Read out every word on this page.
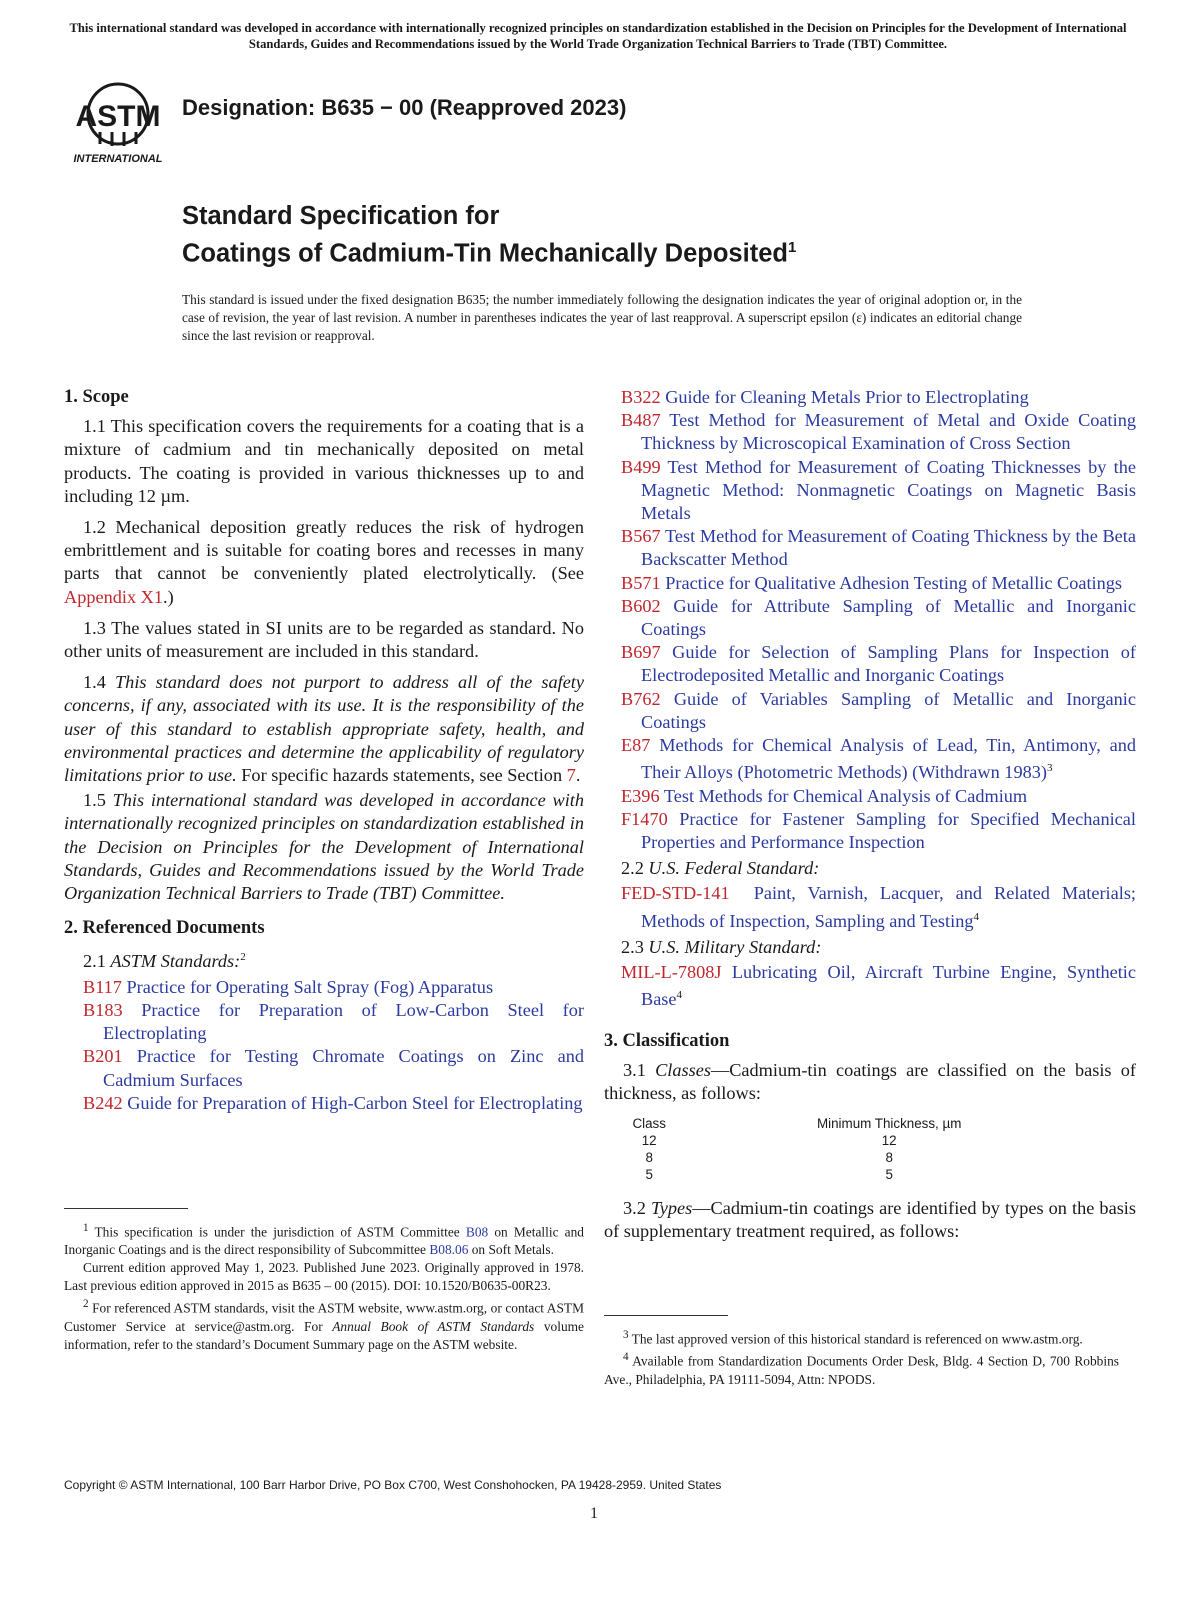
This international standard was developed in accordance with internationally recognized principles on standardization established in the Decision on Principles for the Development of International Standards, Guides and Recommendations issued by the World Trade Organization Technical Barriers to Trade (TBT) Committee.
ASTM
INTERNATIONAL
Designation: B635 − 00 (Reapproved 2023)
Standard Specification for
Coatings of Cadmium-Tin Mechanically Deposited$^1$
This standard is issued under the fixed designation B635; the number immediately following the designation indicates the year of original adoption or, in the case of revision, the year of last revision. A number in parentheses indicates the year of last reapproval. A superscript epsilon (ε) indicates an editorial change since the last revision or reapproval.
1. Scope

1.1 This specification covers the requirements for a coating that is a mixture of cadmium and tin mechanically deposited on metal products. The coating is provided in various thicknesses up to and including 12 µm.

1.2 Mechanical deposition greatly reduces the risk of hydrogen embrittlement and is suitable for coating bores and recesses in many parts that cannot be conveniently plated electrolytically. (See Appendix X1.)

1.3 The values stated in SI units are to be regarded as standard. No other units of measurement are included in this standard.

1.4 This standard does not purport to address all of the safety concerns, if any, associated with its use. It is the responsibility of the user of this standard to establish appropriate safety, health, and environmental practices and determine the applicability of regulatory limitations prior to use. For specific hazards statements, see Section 7.

1.5 This international standard was developed in accordance with internationally recognized principles on standardization established in the Decision on Principles for the Development of International Standards, Guides and Recommendations issued by the World Trade Organization Technical Barriers to Trade (TBT) Committee.

2. Referenced Documents
2.1 ASTM Standards:$^2$

B117 Practice for Operating Salt Spray (Fog) Apparatus

B183 Practice for Preparation of Low-Carbon Steel for Electroplating

B201 Practice for Testing Chromate Coatings on Zinc and Cadmium Surfaces

B242 Guide for Preparation of High-Carbon Steel for Electroplating

$^1$ This specification is under the jurisdiction of ASTM Committee B08 on Metallic and Inorganic Coatings and is the direct responsibility of Subcommittee B08.06 on Soft Metals.

Current edition approved May 1, 2023. Published June 2023. Originally approved in 1978. Last previous edition approved in 2015 as B635 – 00 (2015). DOI: 10.1520/B0635-00R23.

$^2$ For referenced ASTM standards, visit the ASTM website, www.astm.org, or contact ASTM Customer Service at service@astm.org. For Annual Book of ASTM Standards volume information, refer to the standard’s Document Summary page on the ASTM website.

B322 Guide for Cleaning Metals Prior to Electroplating

B487 Test Method for Measurement of Metal and Oxide Coating Thickness by Microscopical Examination of Cross Section

B499 Test Method for Measurement of Coating Thicknesses by the Magnetic Method: Nonmagnetic Coatings on Magnetic Basis Metals

B567 Test Method for Measurement of Coating Thickness by the Beta Backscatter Method

B571 Practice for Qualitative Adhesion Testing of Metallic Coatings

B602 Guide for Attribute Sampling of Metallic and Inorganic Coatings

B697 Guide for Selection of Sampling Plans for Inspection of Electrodeposited Metallic and Inorganic Coatings

B762 Guide of Variables Sampling of Metallic and Inorganic Coatings

E87 Methods for Chemical Analysis of Lead, Tin, Antimony, and Their Alloys (Photometric Methods) (Withdrawn 1983)$^3$

E396 Test Methods for Chemical Analysis of Cadmium

F1470 Practice for Fastener Sampling for Specified Mechanical Properties and Performance Inspection

2.2 U.S. Federal Standard:

FED-STD-141 Paint, Varnish, Lacquer, and Related Materials; Methods of Inspection, Sampling and Testing$^4$

2.3 U.S. Military Standard:

MIL-L-7808J Lubricating Oil, Aircraft Turbine Engine, Synthetic Base$^4$

3. Classification

3.1 Classes—Cadmium-tin coatings are classified on the basis of thickness, as follows:

Class	Minimum Thickness, µm
12	12
8	8
5	5

3.2 Types—Cadmium-tin coatings are identified by types on the basis of supplementary treatment required, as follows:

$^3$ The last approved version of this historical standard is referenced on www.astm.org.

$^4$ Available from Standardization Documents Order Desk, Bldg. 4 Section D, 700 Robbins Ave., Philadelphia, PA 19111-5094, Attn: NPODS.

Copyright © ASTM International, 100 Barr Harbor Drive, PO Box C700, West Conshohocken, PA 19428-2959. United States
1
